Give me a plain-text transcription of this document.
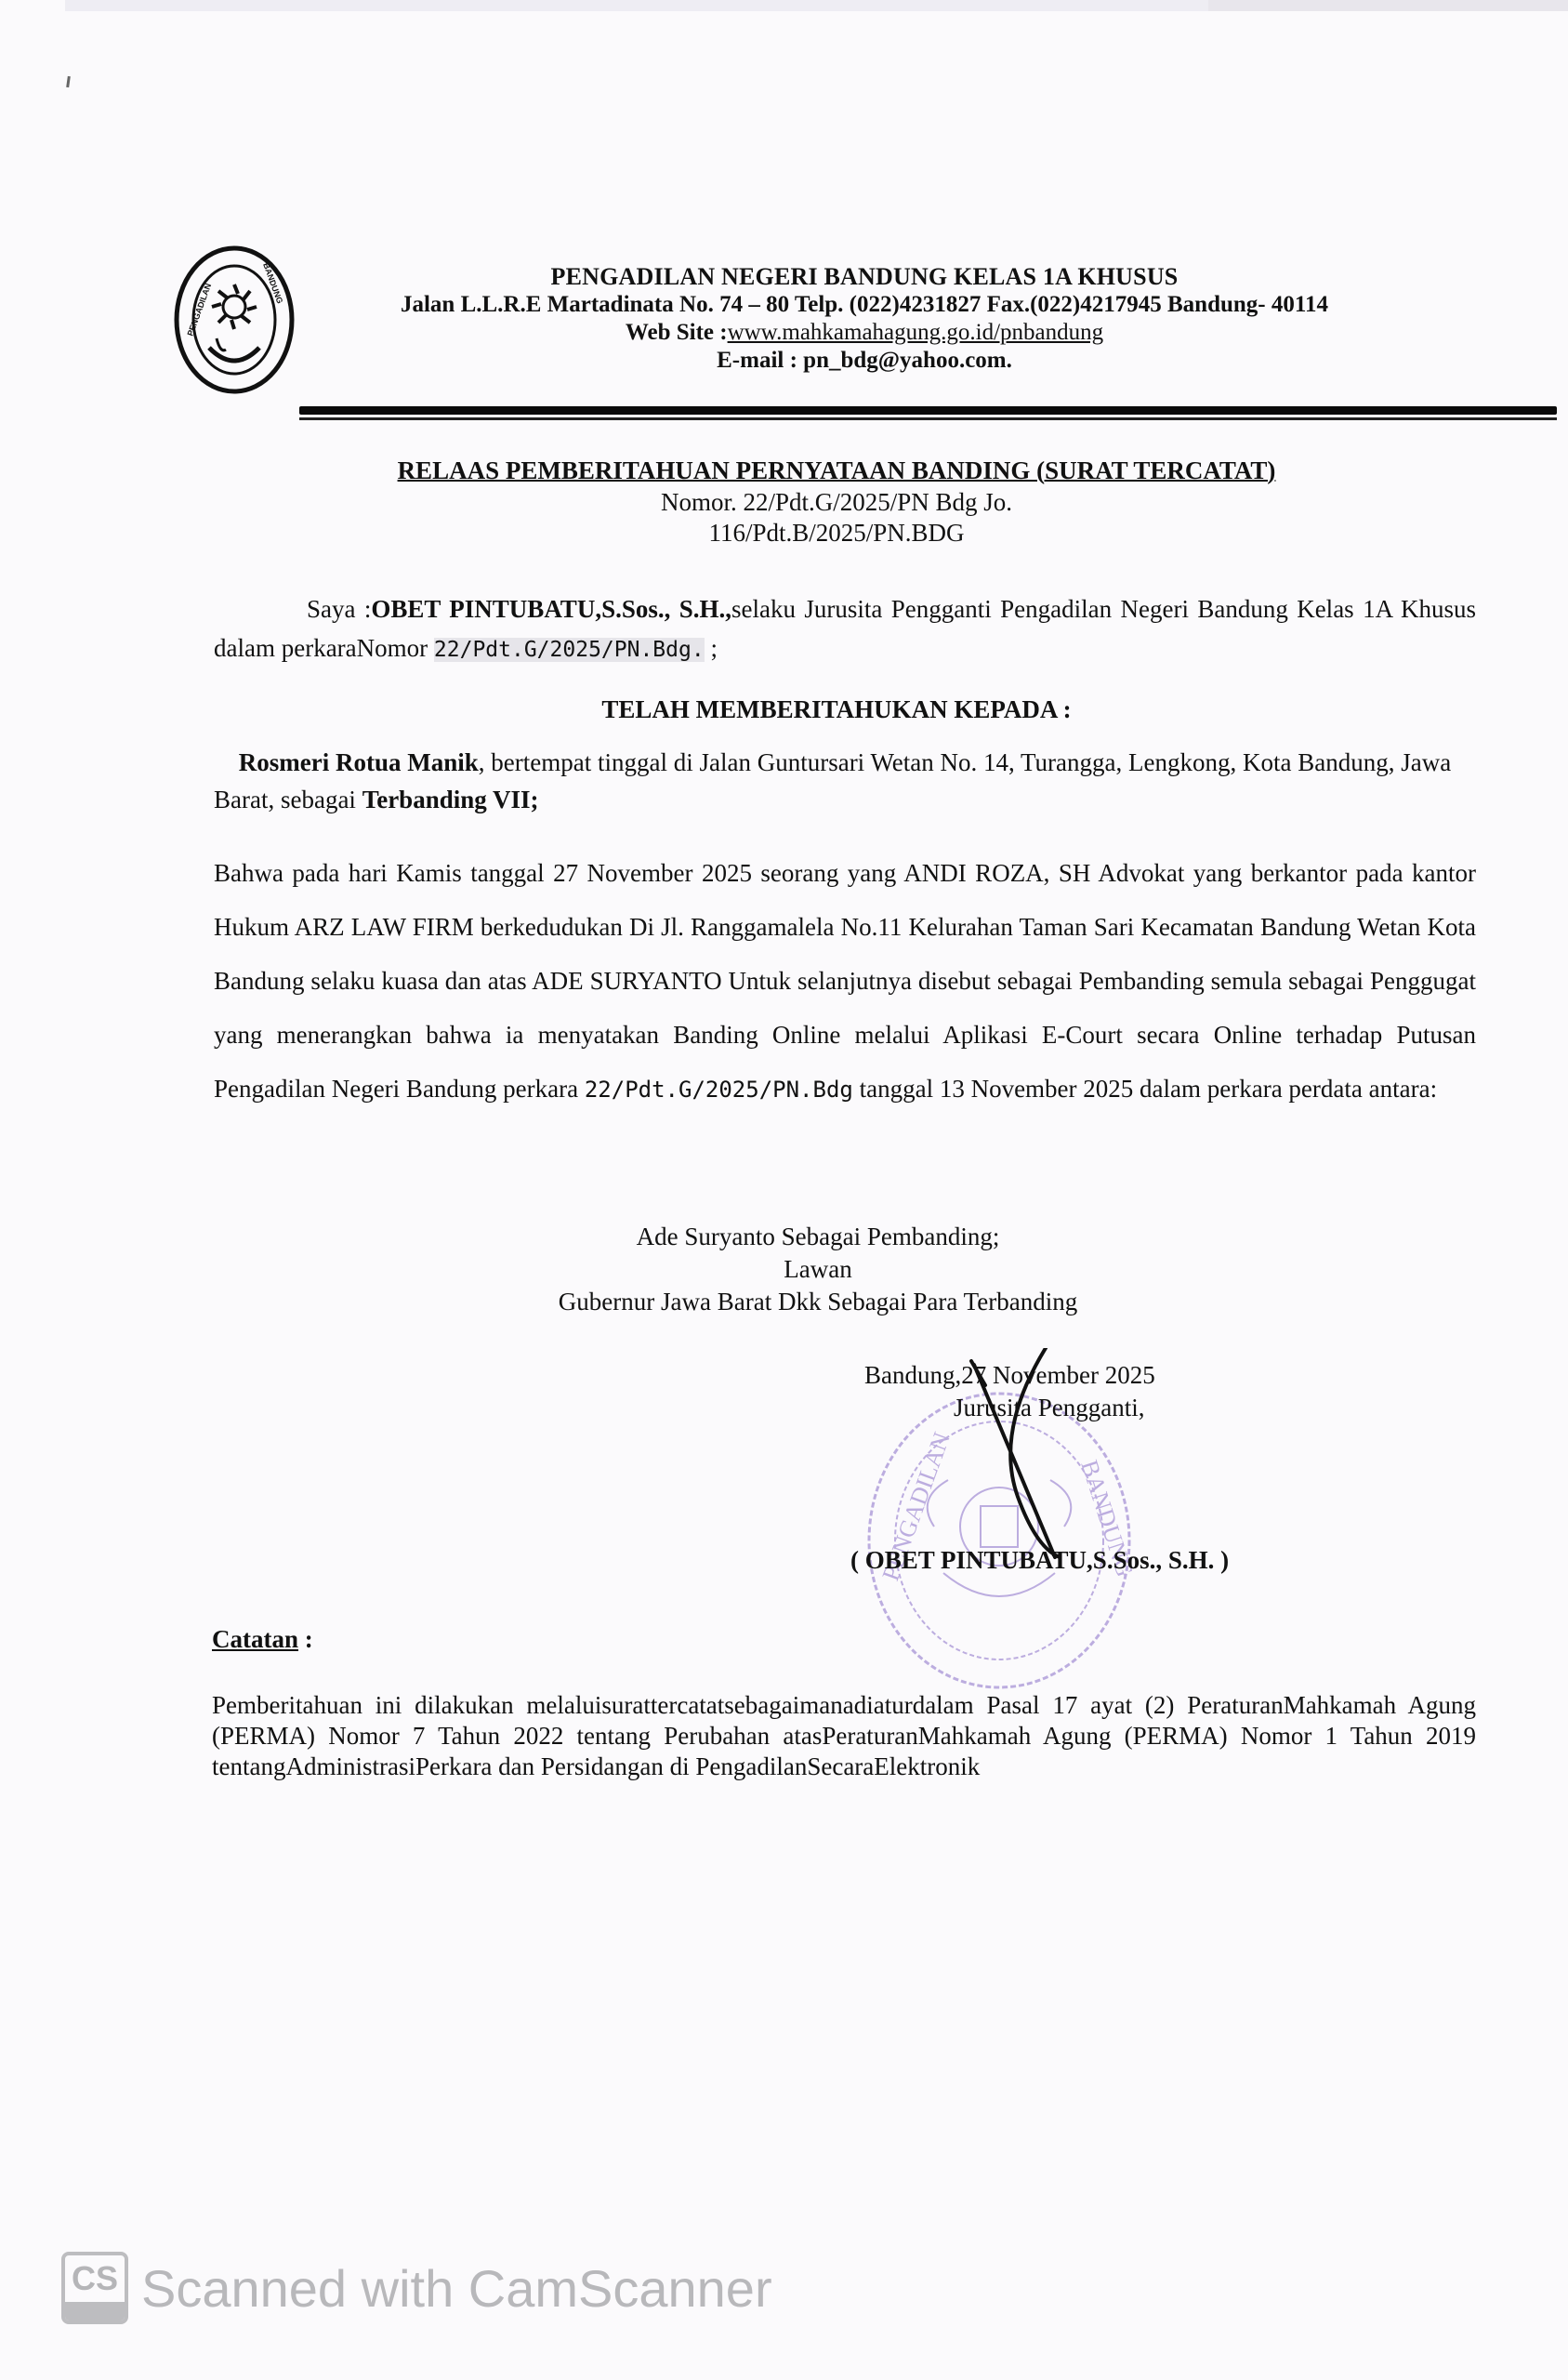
PENGADILAN	BANDUNG	PENGADILAN NEGERI BANDUNG KELAS 1A KHUSUS
Jalan L.L.R.E Martadinata No. 74 – 80 Telp. (022)4231827 Fax.(022)4217945 Bandung- 40114
Web Site :www.mahkamahagung.go.id/pnbandung
E-mail : pn_bdg@yahoo.com.
RELAAS PEMBERITAHUAN PERNYATAAN BANDING (SURAT TERCATAT)
Nomor. 22/Pdt.G/2025/PN Bdg Jo.
116/Pdt.B/2025/PN.BDG
Saya :OBET PINTUBATU,S.Sos., S.H.,selaku Jurusita Pengganti Pengadilan Negeri Bandung Kelas 1A Khusus dalam perkaraNomor 22/Pdt.G/2025/PN.Bdg. ;
TELAH MEMBERITAHUKAN KEPADA :
Rosmeri Rotua Manik, bertempat tinggal di Jalan Guntursari Wetan No. 14, Turangga, Lengkong, Kota Bandung, Jawa Barat, sebagai Terbanding VII;
Bahwa pada hari Kamis tanggal 27 November 2025 seorang yang ANDI ROZA, SH Advokat yang berkantor pada kantor Hukum ARZ LAW FIRM berkedudukan Di Jl. Ranggamalela No.11 Kelurahan Taman Sari Kecamatan Bandung Wetan Kota Bandung selaku kuasa dan atas ADE SURYANTO Untuk selanjutnya disebut sebagai Pembanding semula sebagai Penggugat yang menerangkan bahwa ia menyatakan Banding Online melalui Aplikasi E-Court secara Online terhadap Putusan Pengadilan Negeri Bandung perkara 22/Pdt.G/2025/PN.Bdg tanggal 13 November 2025 dalam perkara perdata antara:
Ade Suryanto Sebagai Pembanding;
Lawan
Gubernur Jawa Barat Dkk Sebagai Para Terbanding
PENGADILAN	BANDUNG
Bandung,27 November 2025
Jurusita Pengganti,
( OBET PINTUBATU,S.Sos., S.H. )
Catatan :
Pemberitahuan ini dilakukan melaluisurattercatatsebagaimanadiaturdalam Pasal 17 ayat (2) PeraturanMahkamah Agung (PERMA) Nomor 7 Tahun 2022 tentang Perubahan atasPeraturanMahkamah Agung (PERMA) Nomor 1 Tahun 2019 tentangAdministrasiPerkara dan Persidangan di PengadilanSecaraElektronik
CS Scanned with CamScanner
